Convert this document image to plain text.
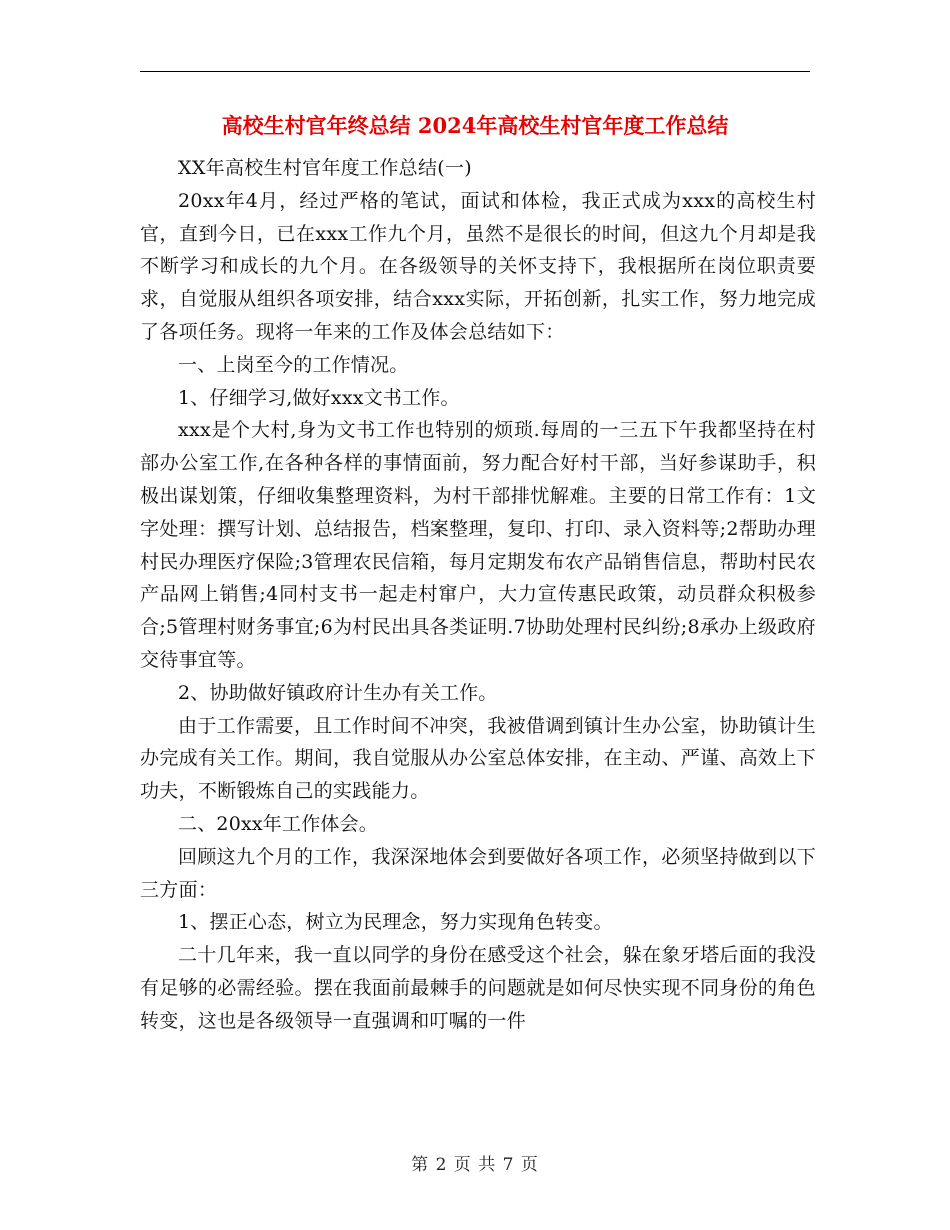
高校生村官年终总结 2024年高校生村官年度工作总结

XX年高校生村官年度工作总结(一)

20xx年4月，经过严格的笔试，面试和体检，我正式成为xxx的高校生村官，直到今日，已在xxx工作九个月，虽然不是很长的时间，但这九个月却是我不断学习和成长的九个月。在各级领导的关怀支持下，我根据所在岗位职责要求，自觉服从组织各项安排，结合xxx实际，开拓创新，扎实工作，努力地完成了各项任务。现将一年来的工作及体会总结如下：

一、上岗至今的工作情况。

1、仔细学习,做好xxx文书工作。

xxx是个大村,身为文书工作也特别的烦琐.每周的一三五下午我都坚持在村部办公室工作,在各种各样的事情面前，努力配合好村干部，当好参谋助手，积极出谋划策，仔细收集整理资料，为村干部排忧解难。主要的日常工作有：1文字处理：撰写计划、总结报告，档案整理，复印、打印、录入资料等;2帮助办理村民办理医疗保险;3管理农民信箱，每月定期发布农产品销售信息，帮助村民农产品网上销售;4同村支书一起走村窜户，大力宣传惠民政策，动员群众积极参合;5管理村财务事宜;6为村民出具各类证明.7协助处理村民纠纷;8承办上级政府交待事宜等。

2、协助做好镇政府计生办有关工作。

由于工作需要，且工作时间不冲突，我被借调到镇计生办公室，协助镇计生办完成有关工作。期间，我自觉服从办公室总体安排，在主动、严谨、高效上下功夫，不断锻炼自己的实践能力。

二、20xx年工作体会。

回顾这九个月的工作，我深深地体会到要做好各项工作，必须坚持做到以下三方面：

1、摆正心态，树立为民理念，努力实现角色转变。

二十几年来，我一直以同学的身份在感受这个社会，躲在象牙塔后面的我没有足够的必需经验。摆在我面前最棘手的问题就是如何尽快实现不同身份的角色转变，这也是各级领导一直强调和叮嘱的一件

第 2 页 共 7 页
